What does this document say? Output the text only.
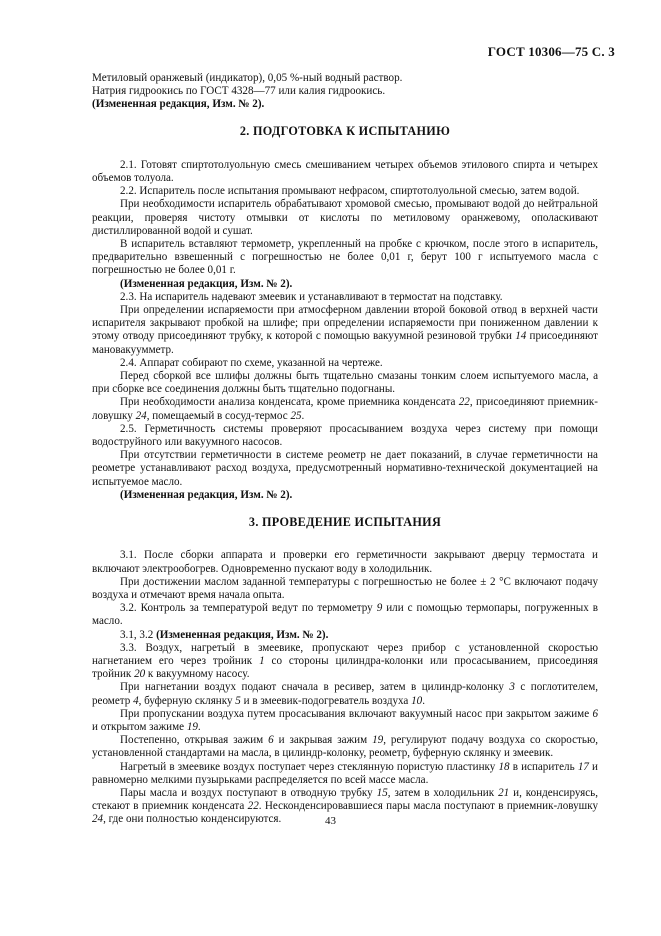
ГОСТ 10306—75 С. 3

Метиловый оранжевый (индикатор), 0,05 %-ный водный раствор.

Натрия гидроокись по ГОСТ 4328—77 или калия гидроокись.

(Измененная редакция, Изм. № 2).

2. ПОДГОТОВКА К ИСПЫТАНИЮ

2.1. Готовят спиртотолуольную смесь смешиванием четырех объемов этилового спирта и четырех объемов толуола.

2.2. Испаритель после испытания промывают нефрасом, спиртотолуольной смесью, затем водой.

При необходимости испаритель обрабатывают хромовой смесью, промывают водой до нейтральной реакции, проверяя чистоту отмывки от кислоты по метиловому оранжевому, ополаскивают дистиллированной водой и сушат.

В испаритель вставляют термометр, укрепленный на пробке с крючком, после этого в испаритель, предварительно взвешенный с погрешностью не более 0,01 г, берут 100 г испытуемого масла с погрешностью не более 0,01 г.

(Измененная редакция, Изм. № 2).

2.3. На испаритель надевают змеевик и устанавливают в термостат на подставку.

При определении испаряемости при атмосферном давлении второй боковой отвод в верхней части испарителя закрывают пробкой на шлифе; при определении испаряемости при пониженном давлении к этому отводу присоединяют трубку, к которой с помощью вакуумной резиновой трубки 14 присоединяют мановакуумметр.

2.4. Аппарат собирают по схеме, указанной на чертеже.

Перед сборкой все шлифы должны быть тщательно смазаны тонким слоем испытуемого масла, а при сборке все соединения должны быть тщательно подогнаны.

При необходимости анализа конденсата, кроме приемника конденсата 22, присоединяют приемник-ловушку 24, помещаемый в сосуд-термос 25.

2.5. Герметичность системы проверяют просасыванием воздуха через систему при помощи водоструйного или вакуумного насосов.

При отсутствии герметичности в системе реометр не дает показаний, в случае герметичности на реометре устанавливают расход воздуха, предусмотренный нормативно-технической документацией на испытуемое масло.

(Измененная редакция, Изм. № 2).

3. ПРОВЕДЕНИЕ ИСПЫТАНИЯ

3.1. После сборки аппарата и проверки его герметичности закрывают дверцу термостата и включают электрообогрев. Одновременно пускают воду в холодильник.

При достижении маслом заданной температуры с погрешностью не более ± 2 °С включают подачу воздуха и отмечают время начала опыта.

3.2. Контроль за температурой ведут по термометру 9 или с помощью термопары, погруженных в масло.

3.1, 3.2 (Измененная редакция, Изм. № 2).

3.3. Воздух, нагретый в змеевике, пропускают через прибор с установленной скоростью нагнетанием его через тройник 1 со стороны цилиндра-колонки или просасыванием, присоединяя тройник 20 к вакуумному насосу.

При нагнетании воздух подают сначала в ресивер, затем в цилиндр-колонку 3 с поглотителем, реометр 4, буферную склянку 5 и в змеевик-подогреватель воздуха 10.

При пропускании воздуха путем просасывания включают вакуумный насос при закрытом зажиме 6 и открытом зажиме 19.

Постепенно, открывая зажим 6 и закрывая зажим 19, регулируют подачу воздуха со скоростью, установленной стандартами на масла, в цилиндр-колонку, реометр, буферную склянку и змеевик.

Нагретый в змеевике воздух поступает через стеклянную пористую пластинку 18 в испаритель 17 и равномерно мелкими пузырьками распределяется по всей массе масла.

Пары масла и воздух поступают в отводную трубку 15, затем в холодильник 21 и, конденсируясь, стекают в приемник конденсата 22. Несконденсировавшиеся пары масла поступают в приемник-ловушку 24, где они полностью конденсируются.	43
